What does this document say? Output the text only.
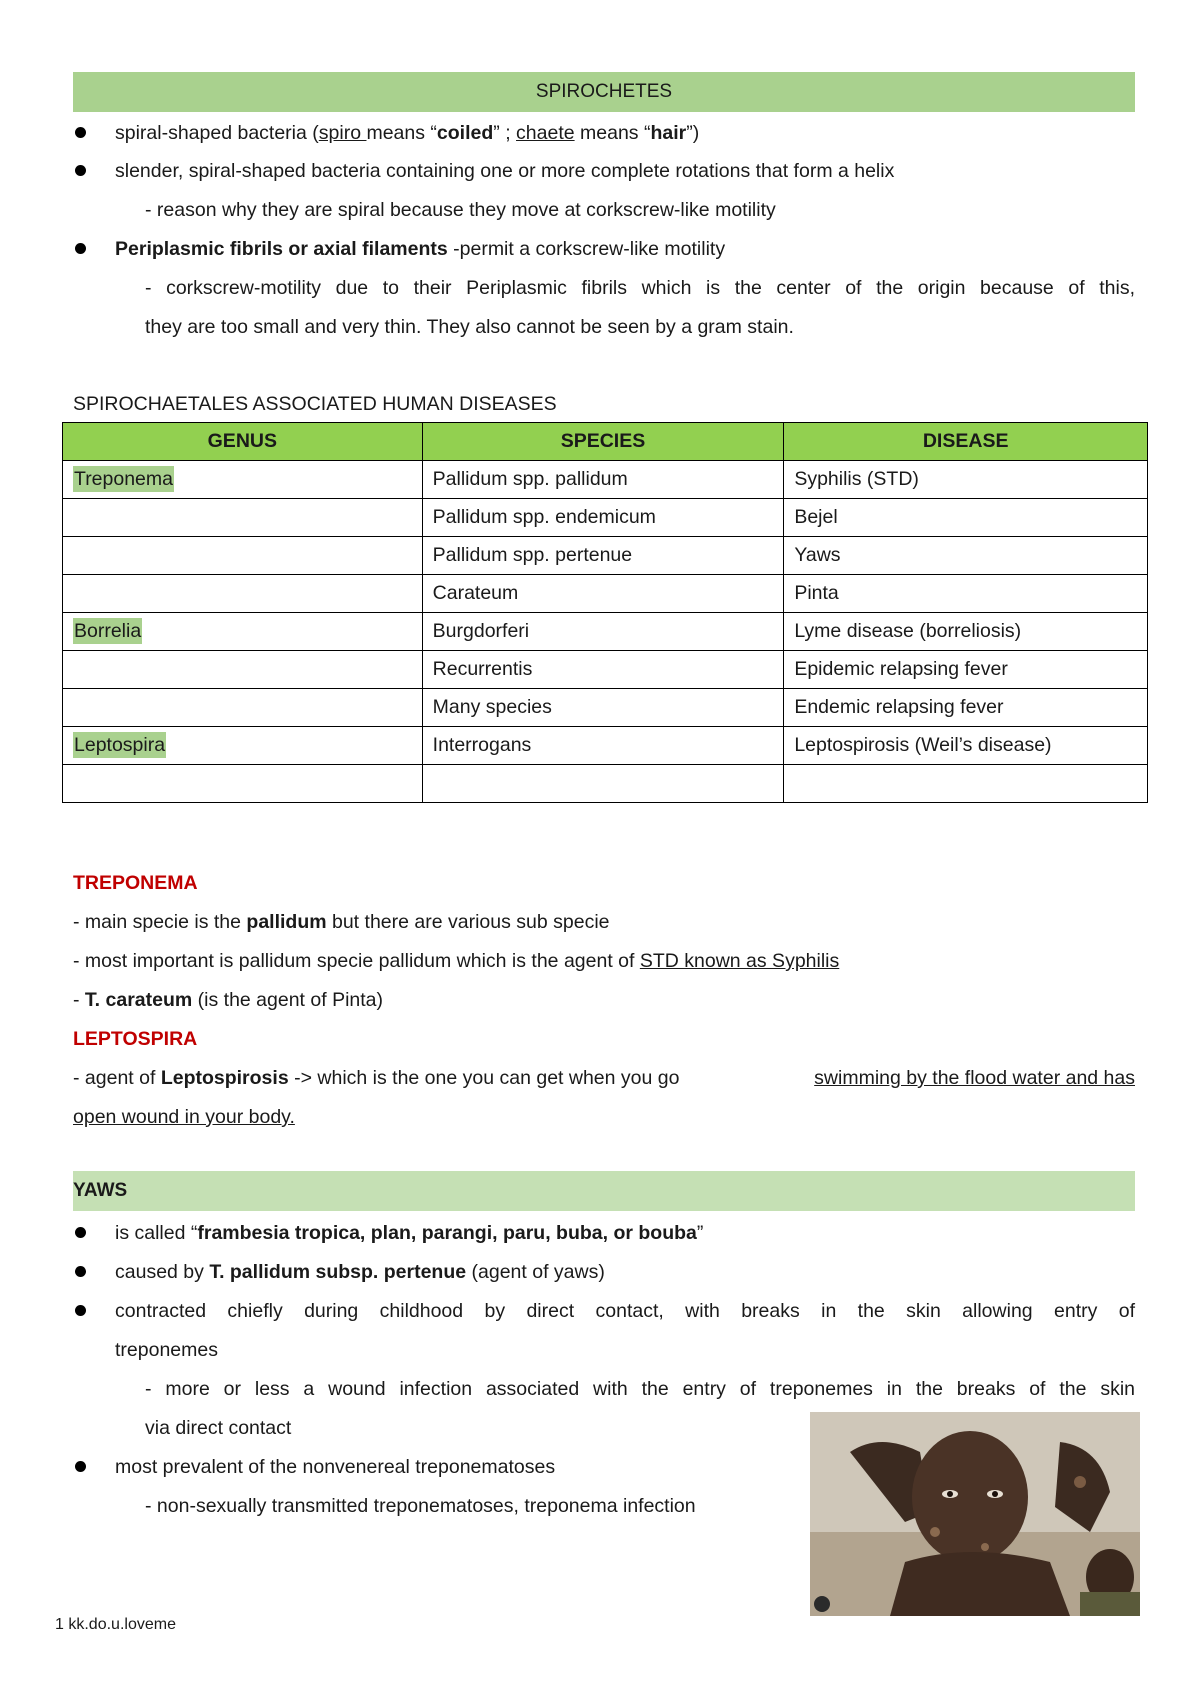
SPIROCHETES
spiral-shaped bacteria (spiro means “coiled” ; chaete means “hair”)
slender, spiral-shaped bacteria containing one or more complete rotations that form a helix
- reason why they are spiral because they move at corkscrew-like motility
Periplasmic fibrils or axial filaments -permit a corkscrew-like motility
- corkscrew-motility due to their Periplasmic fibrils which is the center of the origin because of this,
they are too small and very thin. They also cannot be seen by a gram stain.
SPIROCHAETALES ASSOCIATED HUMAN DISEASES
GENUS	SPECIES	DISEASE
Treponema	Pallidum spp. pallidum	Syphilis (STD)
	Pallidum spp. endemicum	Bejel
	Pallidum spp. pertenue	Yaws
	Carateum	Pinta
Borrelia	Burgdorferi	Lyme disease (borreliosis)
	Recurrentis	Epidemic relapsing fever
	Many species	Endemic relapsing fever
Leptospira	Interrogans	Leptospirosis (Weil’s disease)

TREPONEMA
- main specie is the pallidum but there are various sub specie
- most important is pallidum specie pallidum which is the agent of STD known as Syphilis
- T. carateum (is the agent of Pinta)
LEPTOSPIRA
- agent of Leptospirosis -> which is the one you can get when you go	swimming by the flood water and has
open wound in your body.
YAWS
is called “frambesia tropica, plan, parangi, paru, buba, or bouba”
caused by T. pallidum subsp. pertenue (agent of yaws)
contracted chiefly during childhood by direct contact, with breaks in the skin allowing entry of
treponemes
- more or less a wound infection associated with the entry of treponemes in the breaks of the skin
via direct contact
most prevalent of the nonvenereal treponematoses
- non-sexually transmitted treponematoses, treponema infection
1 kk.do.u.loveme
